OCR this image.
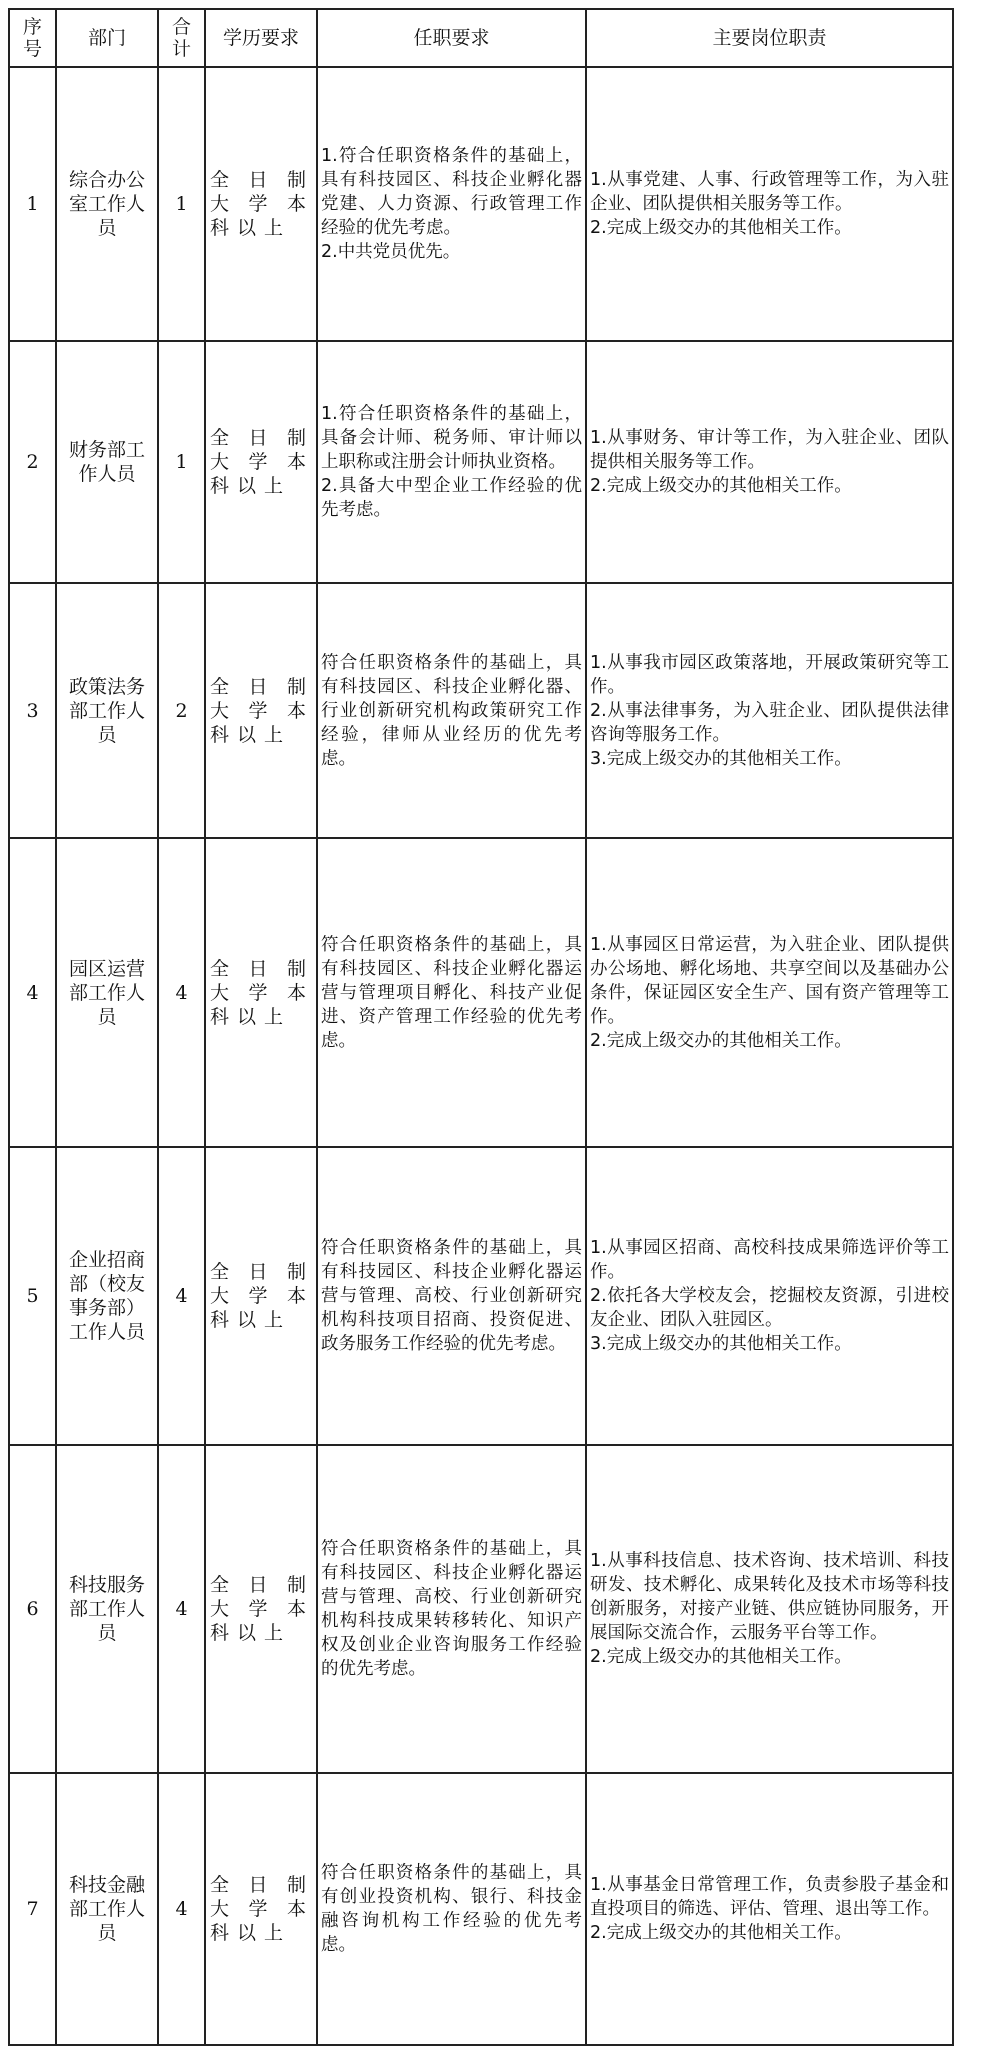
序号	部门	合计	学历要求	任职要求	主要岗位职责
1	综合办公室工作人员	1	全日制大学本科以上	1.符合任职资格条件的基础上，具有科技园区、科技企业孵化器党建、人力资源、行政管理工作经验的优先考虑。
2.中共党员优先。	1.从事党建、人事、行政管理等工作，为入驻企业、团队提供相关服务等工作。
2.完成上级交办的其他相关工作。

2	财务部工作人员	1	全日制大学本科以上	1.符合任职资格条件的基础上，具备会计师、税务师、审计师以上职称或注册会计师执业资格。
2.具备大中型企业工作经验的优先考虑。	1.从事财务、审计等工作，为入驻企业、团队提供相关服务等工作。
2.完成上级交办的其他相关工作。

3	政策法务部工作人员	2	全日制大学本科以上	符合任职资格条件的基础上，具有科技园区、科技企业孵化器、行业创新研究机构政策研究工作经验，律师从业经历的优先考虑。	1.从事我市园区政策落地，开展政策研究等工作。
2.从事法律事务，为入驻企业、团队提供法律咨询等服务工作。
3.完成上级交办的其他相关工作。

4	园区运营部工作人员	4	全日制大学本科以上	符合任职资格条件的基础上，具有科技园区、科技企业孵化器运营与管理项目孵化、科技产业促进、资产管理工作经验的优先考虑。	1.从事园区日常运营，为入驻企业、团队提供办公场地、孵化场地、共享空间以及基础办公条件，保证园区安全生产、国有资产管理等工作。
2.完成上级交办的其他相关工作。

5	企业招商部（校友事务部）工作人员	4	全日制大学本科以上	符合任职资格条件的基础上，具有科技园区、科技企业孵化器运营与管理、高校、行业创新研究机构科技项目招商、投资促进、政务服务工作经验的优先考虑。	1.从事园区招商、高校科技成果筛选评价等工作。
2.依托各大学校友会，挖掘校友资源，引进校友企业、团队入驻园区。
3.完成上级交办的其他相关工作。

6	科技服务部工作人员	4	全日制大学本科以上	符合任职资格条件的基础上，具有科技园区、科技企业孵化器运营与管理、高校、行业创新研究机构科技成果转移转化、知识产权及创业企业咨询服务工作经验的优先考虑。	1.从事科技信息、技术咨询、技术培训、科技研发、技术孵化、成果转化及技术市场等科技创新服务，对接产业链、供应链协同服务，开展国际交流合作，云服务平台等工作。
2.完成上级交办的其他相关工作。

7	科技金融部工作人员	4	全日制大学本科以上	符合任职资格条件的基础上，具有创业投资机构、银行、科技金融咨询机构工作经验的优先考虑。	1.从事基金日常管理工作，负责参股子基金和直投项目的筛选、评估、管理、退出等工作。
2.完成上级交办的其他相关工作。
